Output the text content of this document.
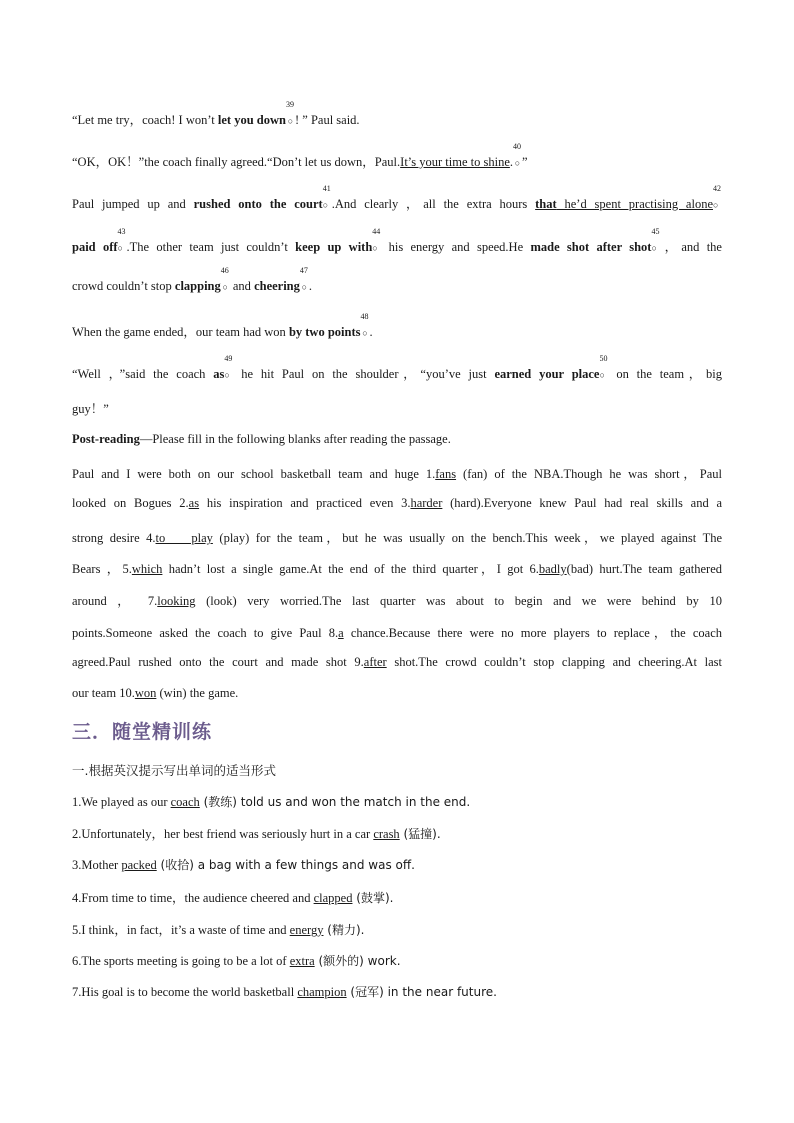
“Let me try，coach! I won’t let you down
39
○ ! ” Paul said.
“OK，OK！”the coach finally agreed.“Don’t let us down，Paul.It’s your time to shine.
40
○ ”
Paul jumped up and rushed onto the court
41
○ .And clearly ，all the extra hours that he’d spent practising alone
42
○
paid off
43
○ .The other team just couldn’t keep up with
44
○ his energy and speed.He made shot after shot
45
○ ，and the
crowd couldn’t stop clapping
46
○ and cheering
47
○ .
When the game ended，our team had won by two points
48
○ .
“Well ，”said the coach as
49
○ he hit Paul on the shoulder，“you’ve just earned your place
50
○ on the team，big
guy！”
Post-reading—Please fill in the following blanks after reading the passage.
Paul and I were both on our school basketball team and huge 1.fans (fan) of the NBA.Though he was short，Paul
looked on Bogues 2.as his inspiration and practiced even 3.harder (hard).Everyone knew Paul had real skills and a
strong desire 4.to    play (play) for the team，but he was usually on the bench.This week，we played against The
Bears ，5.which hadn’t lost a single game.At the end of the third quarter，I got 6.badly(bad) hurt.The team gathered
around ， 7.looking (look) very worried.The last quarter was about to begin and we were behind by 10
points.Someone asked the coach to give Paul 8.a chance.Because there were no more players to replace，the coach
agreed.Paul rushed onto the court and made shot 9.after shot.The crowd couldn’t stop clapping and cheering.At last
our team 10.won (win) the game.
三．随堂精训练
一.根据英汉提示写出单词的适当形式
1.We played as our coach (教练) told us and won the match in the end.
2.Unfortunately，her best friend was seriously hurt in a car crash (猛撞).
3.Mother packed (收拾) a bag with a few things and was off.
4.From time to time，the audience cheered and clapped (鼓掌).
5.I think，in fact，it’s a waste of time and energy (精力).
6.The sports meeting is going to be a lot of extra (额外的) work.
7.His goal is to become the world basketball champion (冠军) in the near future.
